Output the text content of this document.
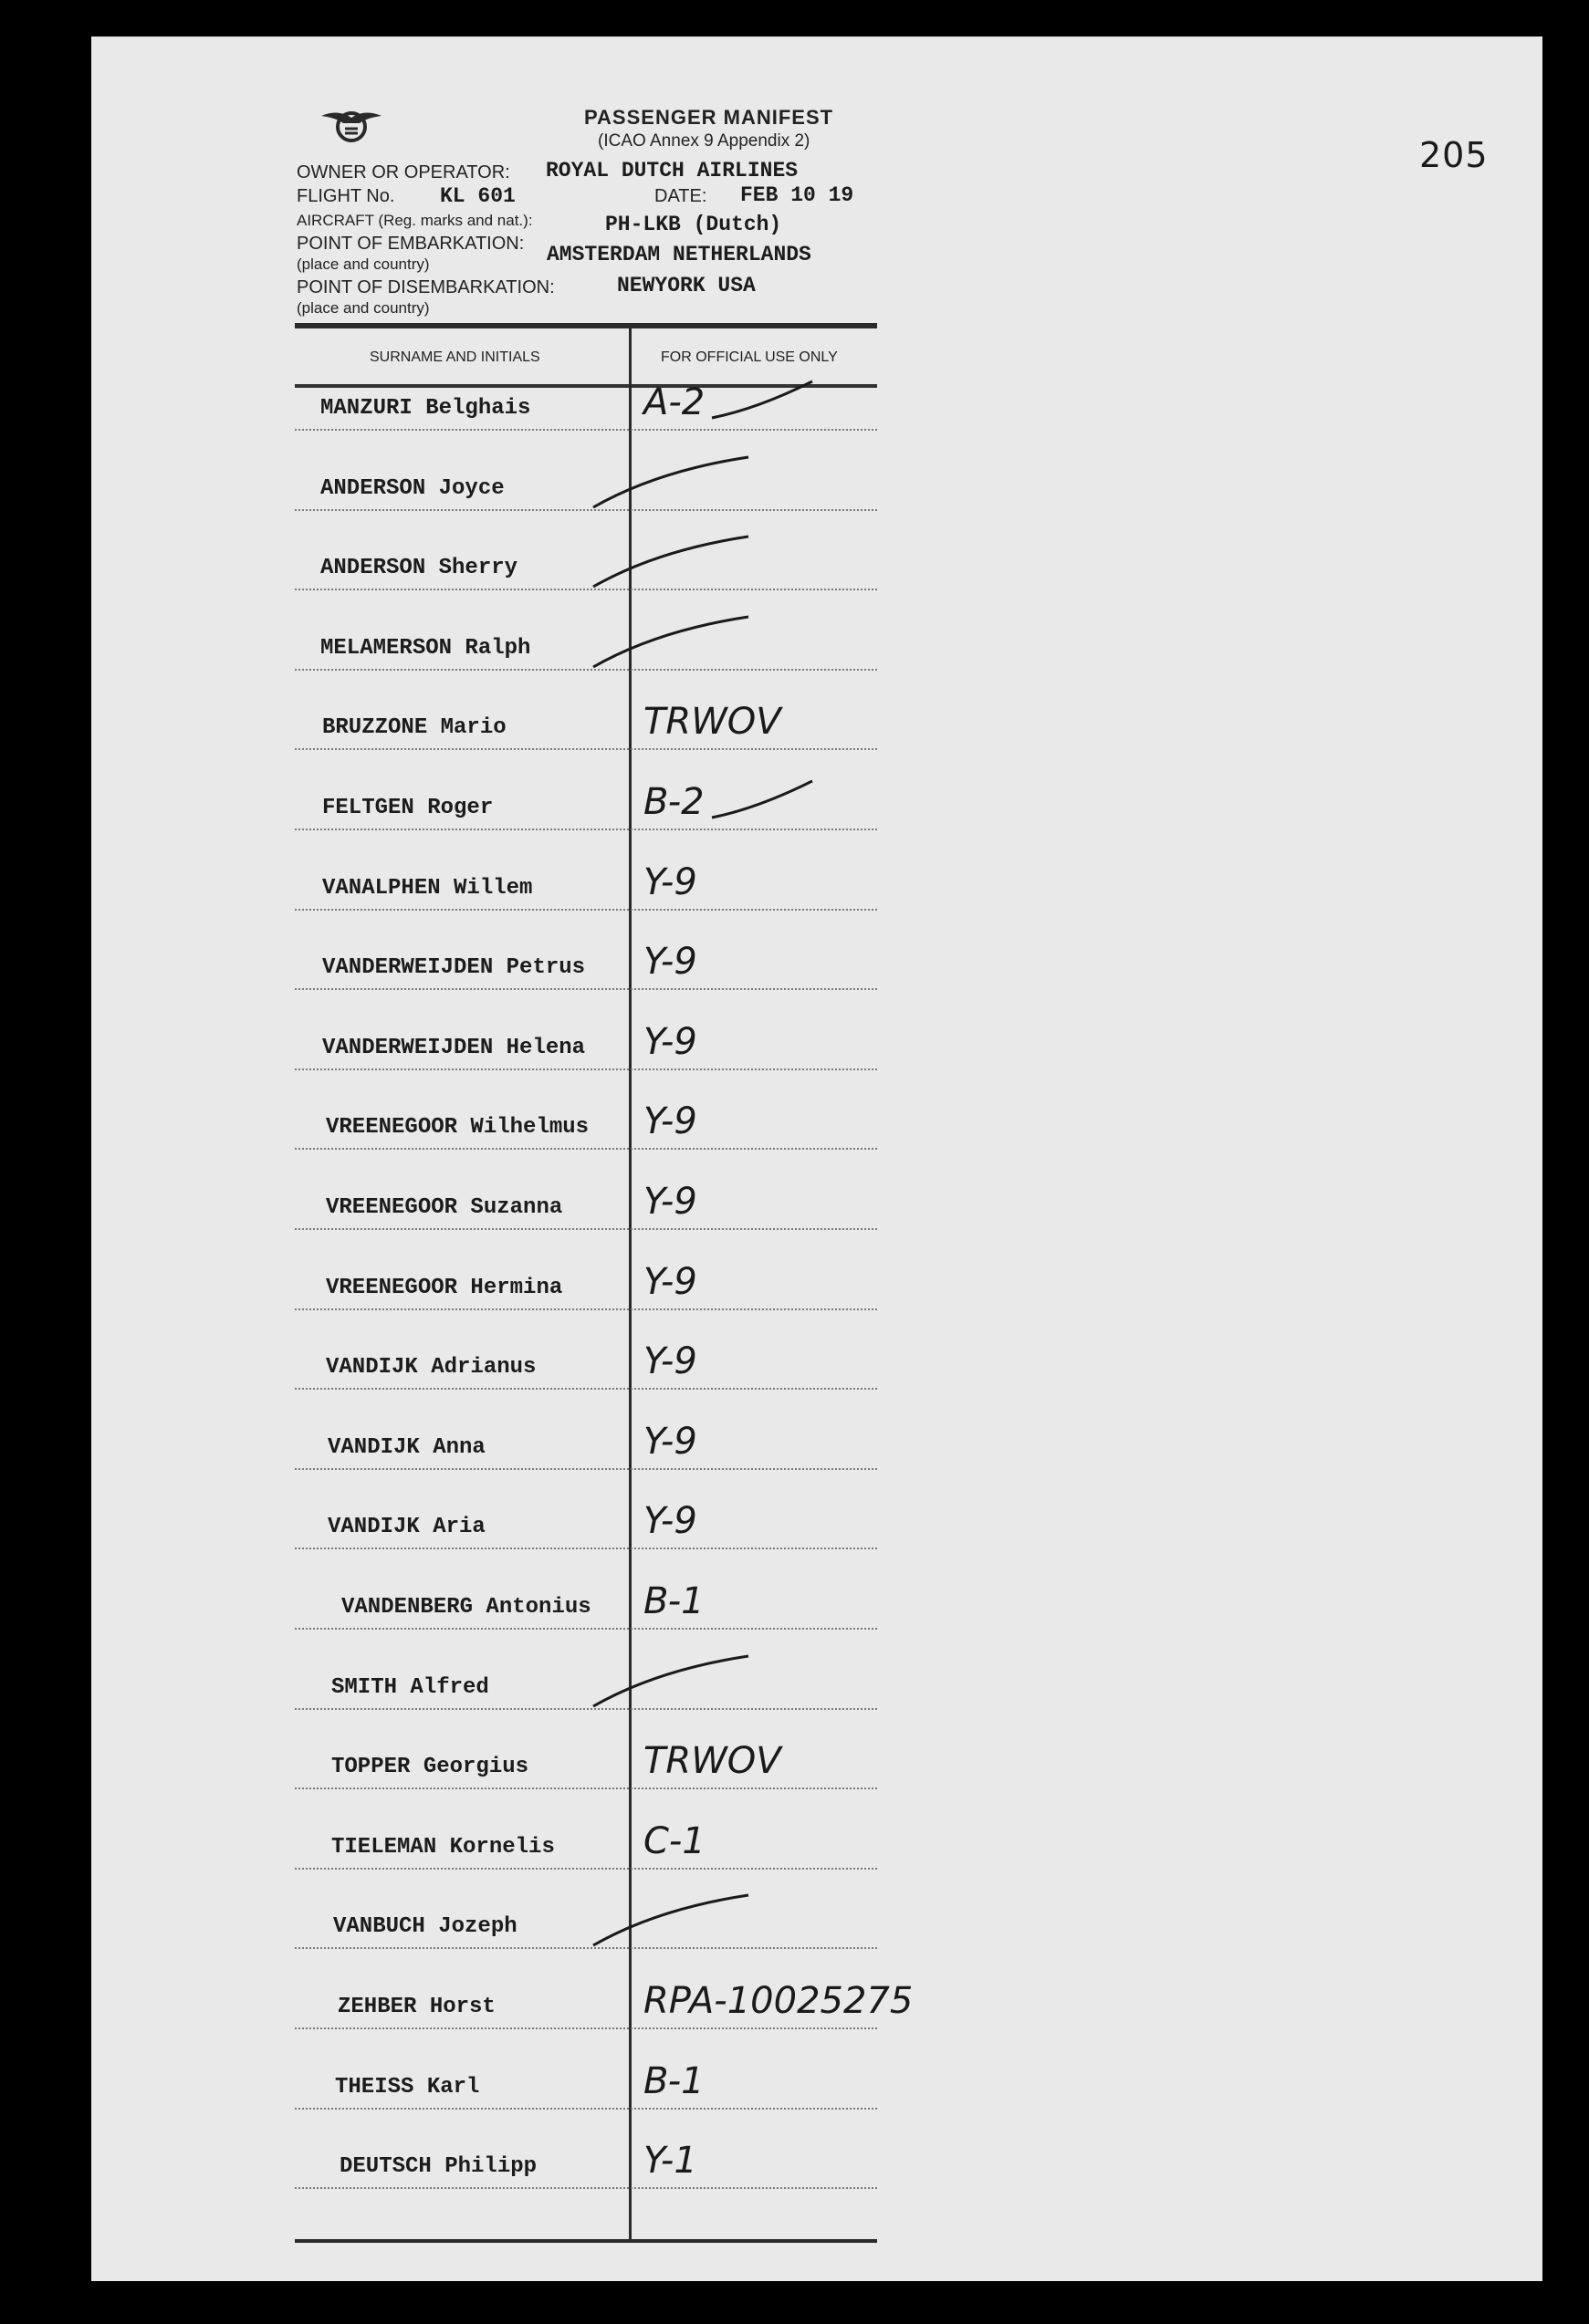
205
PASSENGER MANIFEST
(ICAO Annex 9 Appendix 2)
OWNER OR OPERATOR: ROYAL DUTCH AIRLINES
FLIGHT No. KL 601	DATE: FEB 10 19
AIRCRAFT (Reg. marks and nat.):	PH-LKB (Dutch)
POINT OF EMBARKATION:
(place and country)	AMSTERDAM NETHERLANDS
POINT OF DISEMBARKATION:
(place and country)
NEWYORK USA
SURNAME AND INITIALS	FOR OFFICIAL USE ONLY
MANZURI Belghais	A-2
ANDERSON Joyce
ANDERSON Sherry
MELAMERSON Ralph
BRUZZONE Mario	TRWOV
FELTGEN Roger	B-2
VANALPHEN Willem	Y-9
VANDERWEIJDEN Petrus Y-9
VANDERWEIJDEN Helena Y-9
VREENEGOOR Wilhelmus Y-9
VREENEGOOR Suzanna Y-9
VREENEGOOR Hermina Y-9
VANDIJK Adrianus	Y-9
VANDIJK Anna	Y-9
VANDIJK Aria	Y-9
VANDENBERG Antonius B-1
SMITH Alfred
TOPPER Georgius	TRWOV
TIELEMAN Kornelis C-1
VANBUCH Jozeph
ZEHBER Horst	RPA-10025275
THEISS Karl	B-1
DEUTSCH Philipp	Y-1
